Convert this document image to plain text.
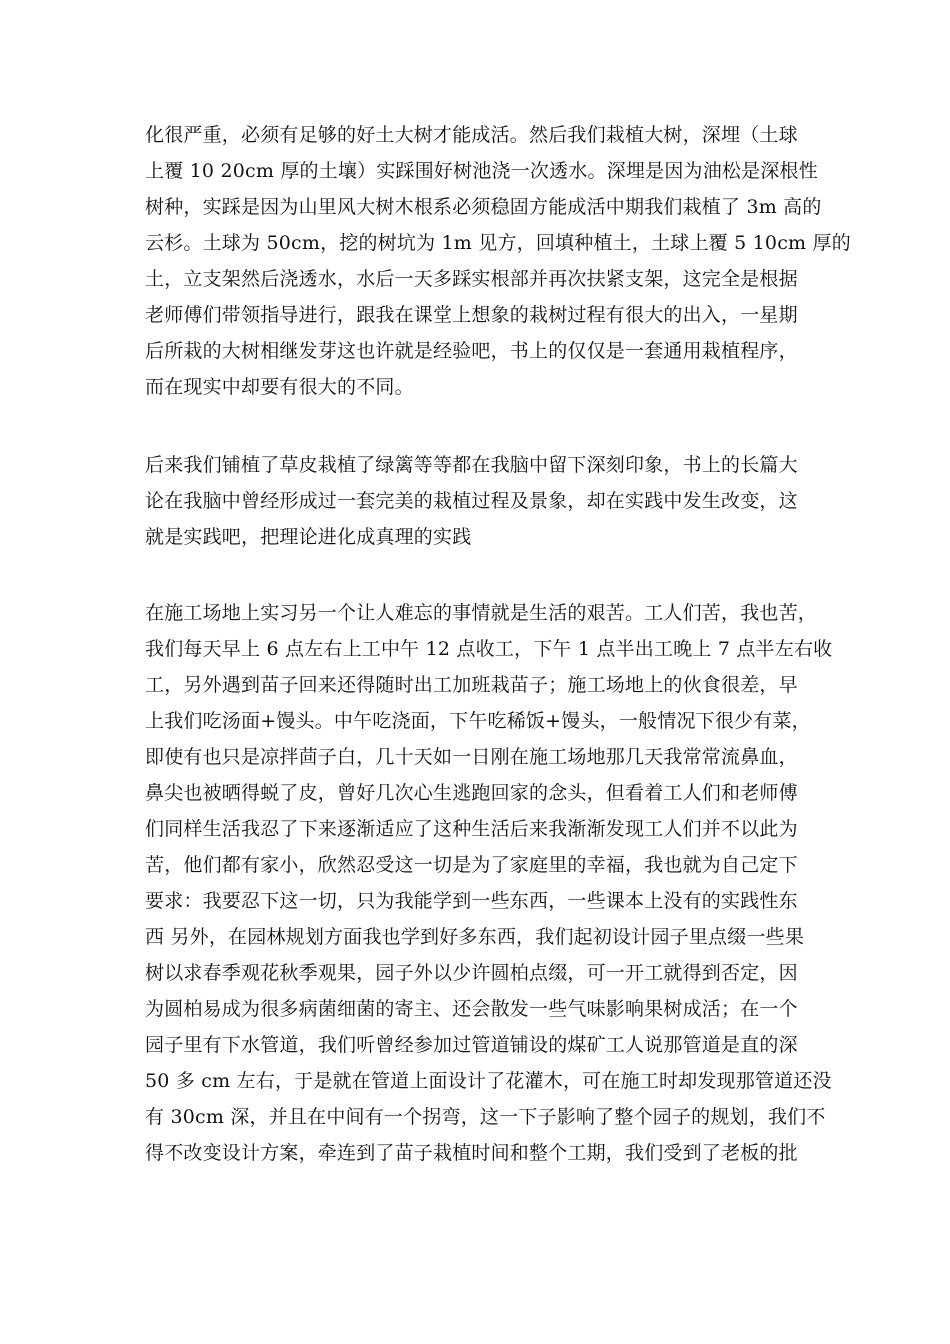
化很严重，必须有足够的好土大树才能成活。然后我们栽植大树，深埋（土球
上覆 10 20cm 厚的土壤）实踩围好树池浇一次透水。深埋是因为油松是深根性
树种，实踩是因为山里风大树木根系必须稳固方能成活中期我们栽植了 3m 高的
云杉。土球为 50cm，挖的树坑为 1m 见方，回填种植土，土球上覆 5 10cm 厚的
土，立支架然后浇透水，水后一天多踩实根部并再次扶紧支架，这完全是根据
老师傅们带领指导进行，跟我在课堂上想象的栽树过程有很大的出入，一星期
后所栽的大树相继发芽这也许就是经验吧，书上的仅仅是一套通用栽植程序，
而在现实中却要有很大的不同。
后来我们铺植了草皮栽植了绿篱等等都在我脑中留下深刻印象，书上的长篇大
论在我脑中曾经形成过一套完美的栽植过程及景象，却在实践中发生改变，这
就是实践吧，把理论进化成真理的实践
在施工场地上实习另一个让人难忘的事情就是生活的艰苦。工人们苦，我也苦，
我们每天早上 6 点左右上工中午 12 点收工，下午 1 点半出工晚上 7 点半左右收
工，另外遇到苗子回来还得随时出工加班栽苗子；施工场地上的伙食很差，早
上我们吃汤面+馒头。中午吃浇面，下午吃稀饭+馒头，一般情况下很少有菜，
即使有也只是凉拌茴子白，几十天如一日刚在施工场地那几天我常常流鼻血，
鼻尖也被晒得蜕了皮，曾好几次心生逃跑回家的念头，但看着工人们和老师傅
们同样生活我忍了下来逐渐适应了这种生活后来我渐渐发现工人们并不以此为
苦，他们都有家小，欣然忍受这一切是为了家庭里的幸福，我也就为自己定下
要求：我要忍下这一切，只为我能学到一些东西，一些课本上没有的实践性东
西 另外，在园林规划方面我也学到好多东西，我们起初设计园子里点缀一些果
树以求春季观花秋季观果，园子外以少许圆柏点缀，可一开工就得到否定，因
为圆柏易成为很多病菌细菌的寄主、还会散发一些气味影响果树成活；在一个
园子里有下水管道，我们听曾经参加过管道铺设的煤矿工人说那管道是直的深
50 多 cm 左右，于是就在管道上面设计了花灌木，可在施工时却发现那管道还没
有 30cm 深，并且在中间有一个拐弯，这一下子影响了整个园子的规划，我们不
得不改变设计方案，牵连到了苗子栽植时间和整个工期，我们受到了老板的批
